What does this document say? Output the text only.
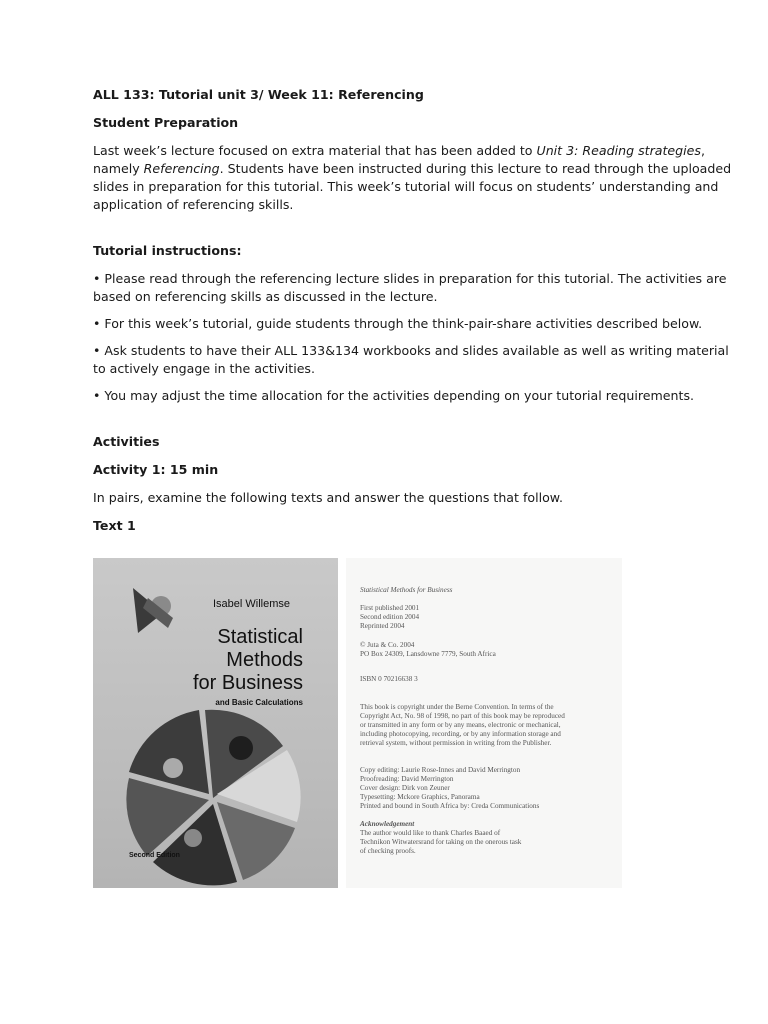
ALL 133: Tutorial unit 3/ Week 11: Referencing

Student Preparation

Last week’s lecture focused on extra material that has been added to Unit 3: Reading strategies,

namely Referencing. Students have been instructed during this lecture to read through the uploaded

slides in preparation for this tutorial. This week’s tutorial will focus on students’ understanding and

application of referencing skills.

Tutorial instructions:

• Please read through the referencing lecture slides in preparation for this tutorial. The activities are

based on referencing skills as discussed in the lecture.

• For this week’s tutorial, guide students through the think-pair-share activities described below.

• Ask students to have their ALL 133&134 workbooks and slides available as well as writing material

to actively engage in the activities.

• You may adjust the time allocation for the activities depending on your tutorial requirements.

Activities

Activity 1: 15 min

In pairs, examine the following texts and answer the questions that follow.

Text 1

Isabel Willemse
Statistical
Methods
for Business
and Basic Calculations
Second Edition
Statistical Methods for Business
First published 2001
Second edition 2004
Reprinted 2004
© Juta & Co. 2004
PO Box 24309, Lansdowne 7779, South Africa
ISBN 0 70216638 3
This book is copyright under the Berne Convention. In terms of the
Copyright Act, No. 98 of 1998, no part of this book may be reproduced
or transmitted in any form or by any means, electronic or mechanical,
including photocopying, recording, or by any information storage and
retrieval system, without permission in writing from the Publisher.
Copy editing: Laurie Rose-Innes and David Merrington
Proofreading: David Merrington
Cover design: Dirk von Zeuner
Typesetting: Mckore Graphics, Panorama
Printed and bound in South Africa by: Creda Communications
Acknowledgement
The author would like to thank Charles Baaed of
Technikon Witwatersrand for taking on the onerous task
of checking proofs.
